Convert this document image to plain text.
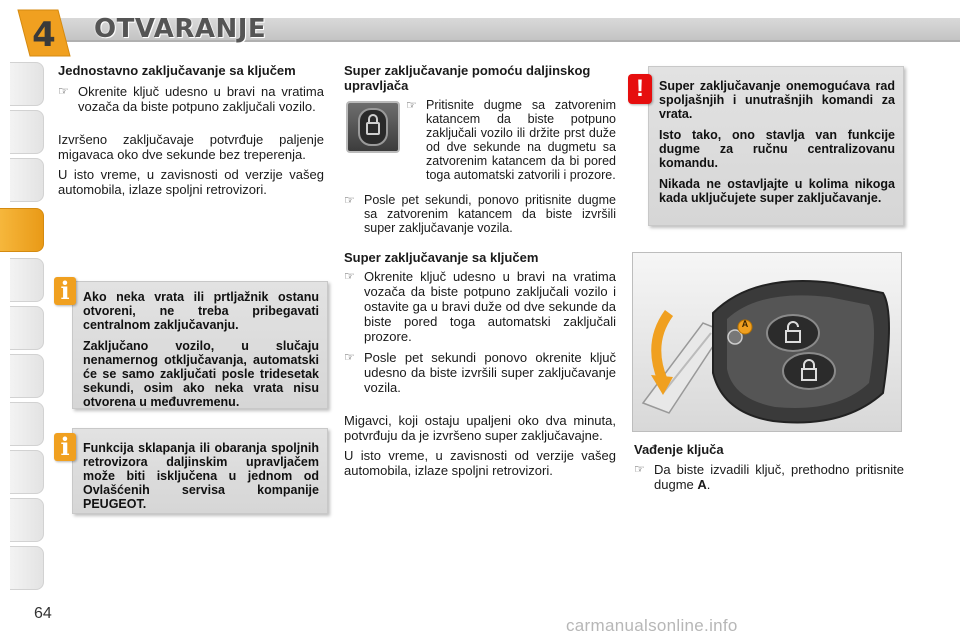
4 OTVARANJE
Jednostavno zaključavanje sa ključem
☞ Okrenite ključ udesno u bravi na vratima vozača da biste potpuno zaključali vozilo.
Izvršeno zaključavaje potvrđuje paljenje migavaca oko dve sekunde bez treperenja.
U isto vreme, u zavisnosti od verzije vašeg automobila, izlaze spoljni retrovizori.
Ako neka vrata ili prtljažnik ostanu otvoreni, ne treba pribegavati centralnom zaključavanju.
Zaključano vozilo, u slučaju nenamernog otključavanja, automatski će se samo zaključati posle tridesetak sekundi, osim ako neka vrata nisu otvorena u međuvremenu.
i
Funkcija sklapanja ili obaranja spoljnih retrovizora daljinskim upravljačem može biti isključena u jednom od Ovlašćenih servisa kompanije PEUGEOT.
i
Super zaključavanje pomoću daljinskog upravljača
☞ Pritisnite dugme sa zatvorenim katancem da biste potpuno zaključali vozilo ili držite prst duže od dve sekunde na dugmetu sa zatvorenim katancem da bi pored toga automatski zatvorili i prozore.
☞ Posle pet sekundi, ponovo pritisnite dugme sa zatvorenim katancem da biste izvršili super zaključavanje vozila.
Super zaključavanje sa ključem
☞ Okrenite ključ udesno u bravi na vratima vozača da biste potpuno zaključali vozilo i ostavite ga u bravi duže od dve sekunde da biste pored toga automatski zaključali prozore.
☞ Posle pet sekundi ponovo okrenite ključ udesno da biste izvršili super zaključavanje vozila.
Migavci, koji ostaju upaljeni oko dva minuta, potvrđuju da je izvršeno super zaključavajne.
U isto vreme, u zavisnosti od verzije vašeg automobila, izlaze spoljni retrovizori.
Super zaključavanje onemogućava rad spoljašnjih i unutrašnjih komandi za vrata.
Isto tako, ono stavlja van funkcije dugme za ručnu centralizovanu komandu.
Nikada ne ostavljajte u kolima nikoga kada uključujete super zaključavanje.
!
A
Vađenje ključa
☞ Da biste izvadili ključ, prethodno pritisnite dugme A.
64
carmanualsonline.info
